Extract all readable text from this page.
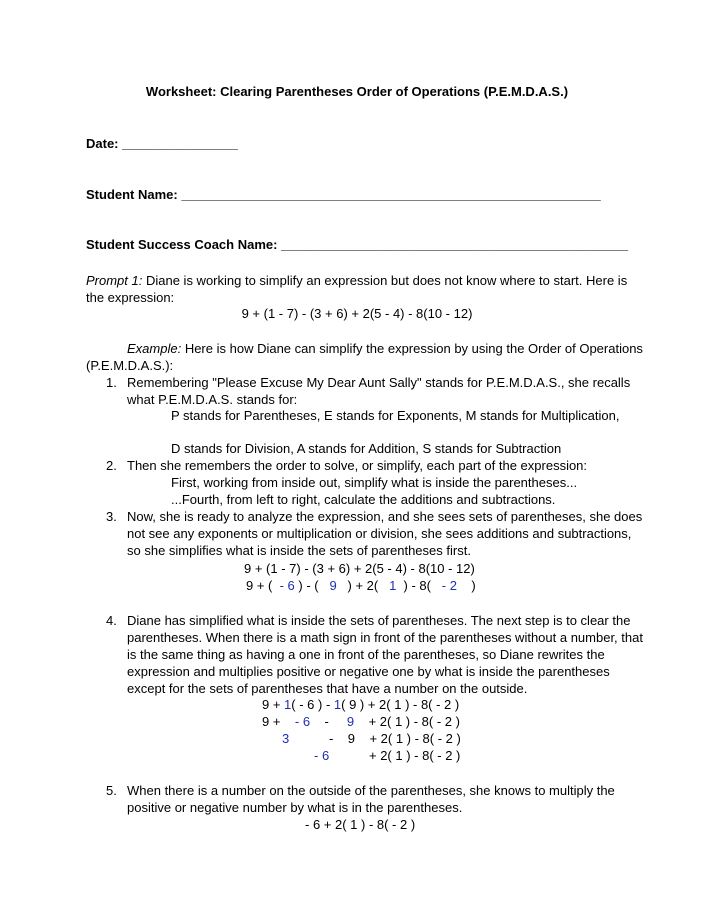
Worksheet: Clearing Parentheses Order of Operations (P.E.M.D.A.S.)
Date: ________________
Student Name: __________________________________________________________
Student Success Coach Name: ________________________________________________
Prompt 1: Diane is working to simplify an expression but does not know where to start. Here is the expression:
9 + (1 - 7) - (3 + 6) + 2(5 - 4) - 8(10 - 12)
Example: Here is how Diane can simplify the expression by using the Order of Operations (P.E.M.D.A.S.):
1. Remembering "Please Excuse My Dear Aunt Sally" stands for P.E.M.D.A.S., she recalls what P.E.M.D.A.S. stands for:
P stands for Parentheses, E stands for Exponents, M stands for Multiplication,
D stands for Division, A stands for Addition, S stands for Subtraction
2. Then she remembers the order to solve, or simplify, each part of the expression:
First, working from inside out, simplify what is inside the parentheses...
...Fourth, from left to right, calculate the additions and subtractions.
3. Now, she is ready to analyze the expression, and she sees sets of parentheses, she does not see any exponents or multiplication or division, she sees additions and subtractions, so she simplifies what is inside the sets of parentheses first.
9 + (1 - 7) - (3 + 6) + 2(5 - 4) - 8(10 - 12)
9 + (  - 6 ) - (   9   ) + 2(   1  ) - 8(   - 2    )
4. Diane has simplified what is inside the sets of parentheses. The next step is to clear the parentheses. When there is a math sign in front of the parentheses without a number, that is the same thing as having a one in front of the parentheses, so Diane rewrites the expression and multiplies positive or negative one by what is inside the parentheses except for the sets of parentheses that have a number on the outside.
9 + 1( - 6 ) - 1( 9 ) + 2( 1 ) - 8( - 2 )
9 +    - 6    -     9    + 2( 1 ) - 8( - 2 )
3	-    9    + 2( 1 ) - 8( - 2 )
- 6	+ 2( 1 ) - 8( - 2 )
5. When there is a number on the outside of the parentheses, she knows to multiply the positive or negative number by what is in the parentheses.
- 6 + 2( 1 ) - 8( - 2 )
